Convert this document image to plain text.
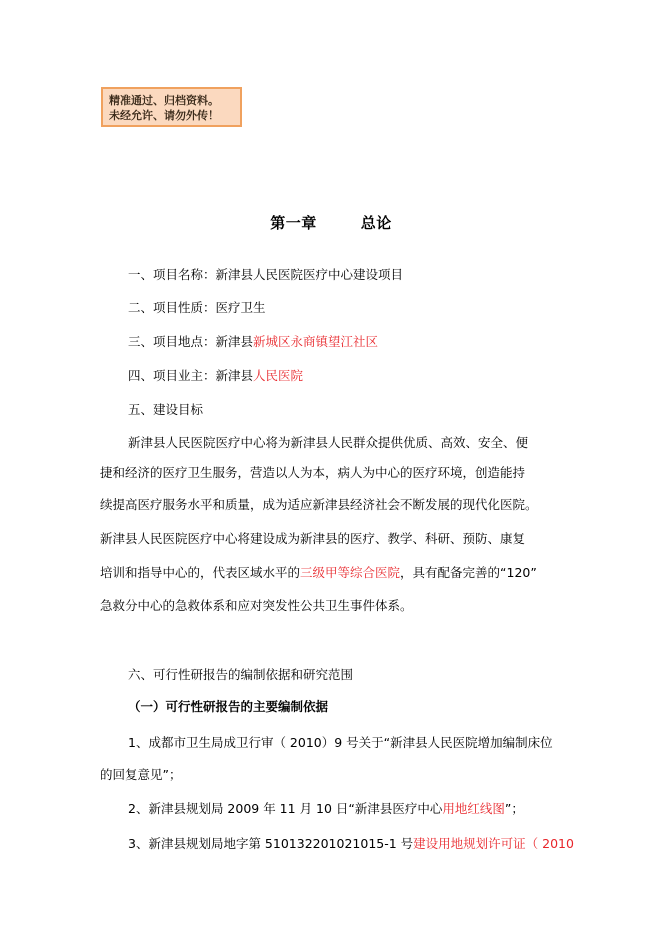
精准通过、归档资料。
未经允许、请勿外传！
第一章	总论
一、项目名称：新津县人民医院医疗中心建设项目
二、项目性质：医疗卫生
三、项目地点：新津县新城区永商镇望江社区
四、项目业主：新津县人民医院
五、建设目标
新津县人民医院医疗中心将为新津县人民群众提供优质、高效、安全、便
捷和经济的医疗卫生服务，营造以人为本，病人为中心的医疗环境，创造能持
续提高医疗服务水平和质量，成为适应新津县经济社会不断发展的现代化医院。
新津县人民医院医疗中心将建设成为新津县的医疗、教学、科研、预防、康复
培训和指导中心的，代表区域水平的三级甲等综合医院，具有配备完善的“120”
急救分中心的急救体系和应对突发性公共卫生事件体系。
六、可行性研报告的编制依据和研究范围
（一）可行性研报告的主要编制依据
1、成都市卫生局成卫行审（ 2010）9 号关于“新津县人民医院增加编制床位
的回复意见”；
2、新津县规划局 2009 年 11 月 10 日“新津县医疗中心用地红线图”；
3、新津县规划局地字第 510132201021015-1 号建设用地规划许可证（ 2010
